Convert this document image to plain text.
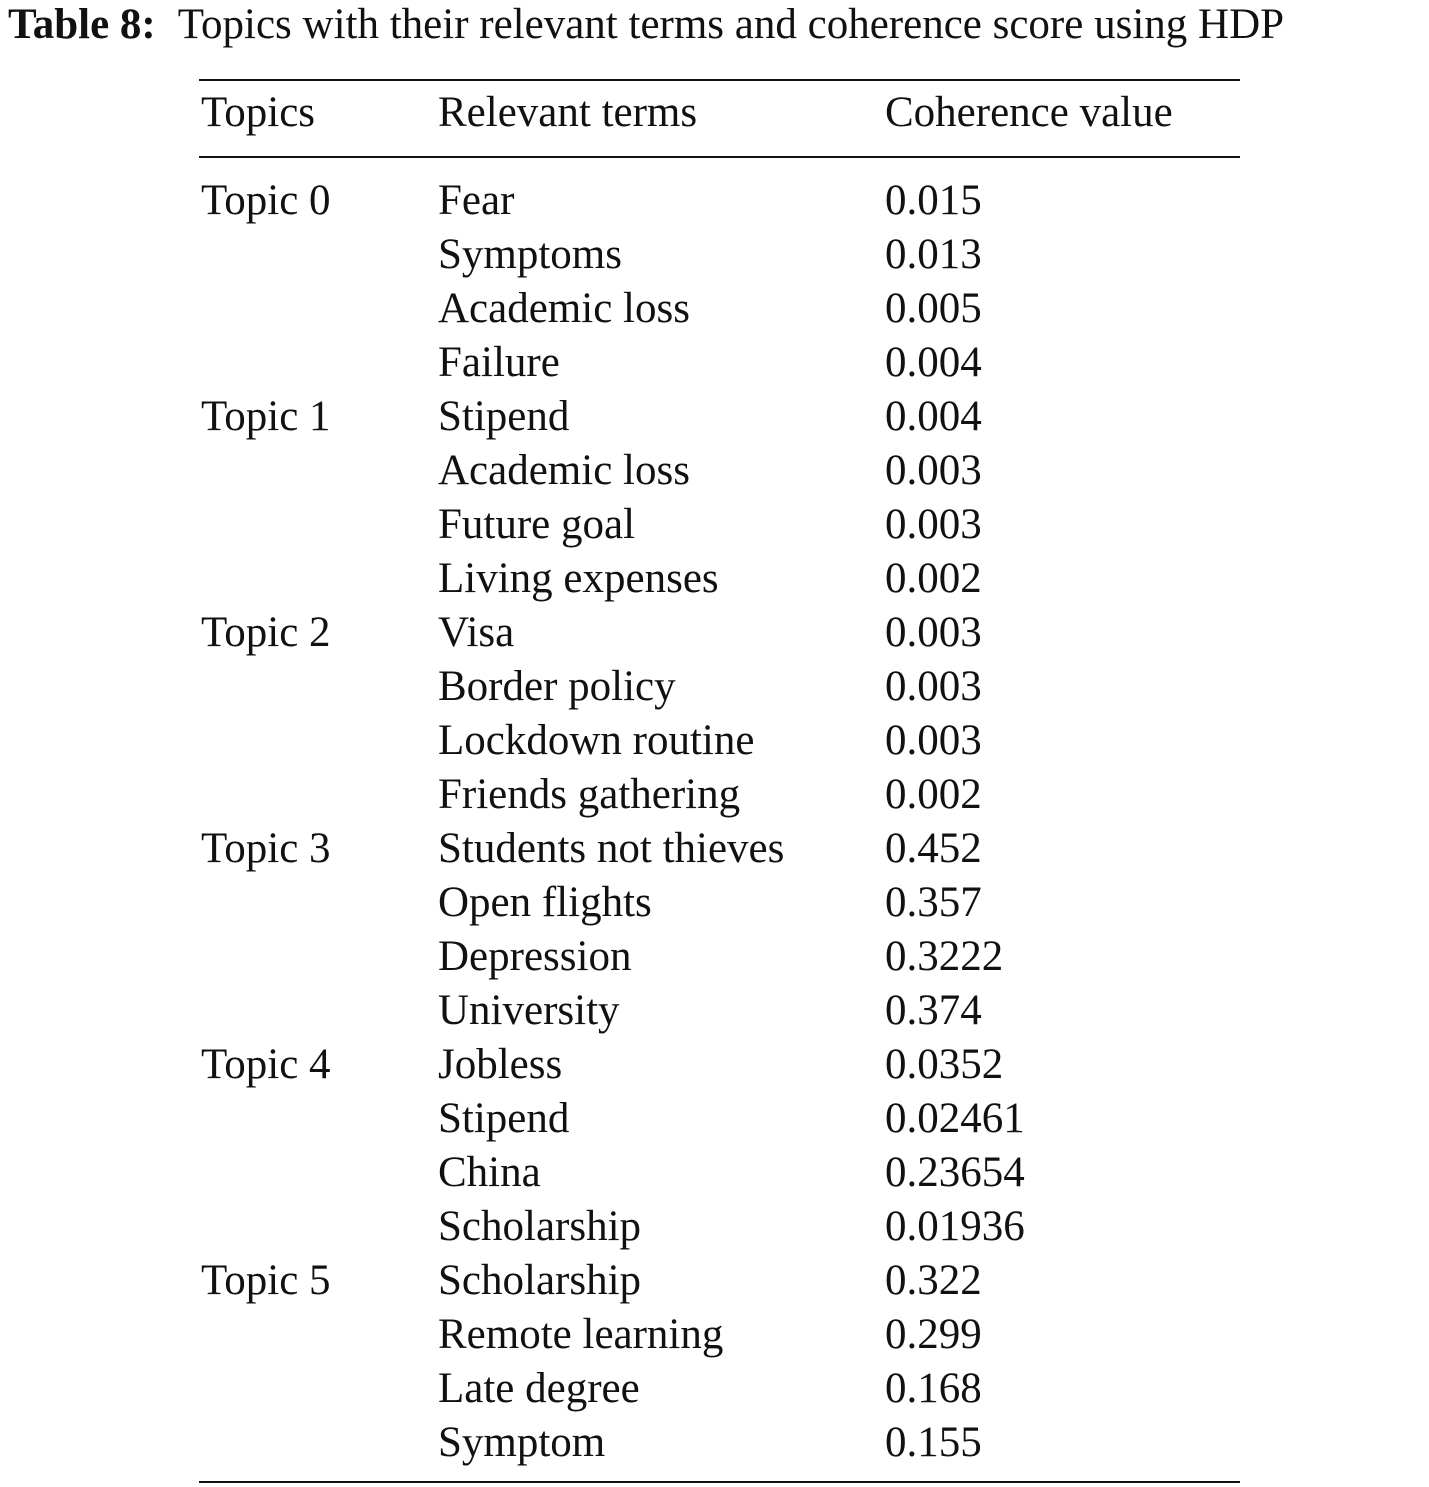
Table 8: Topics with their relevant terms and coherence score using HDP
Topics	Relevant terms	Coherence value
Topic 0 Fear	0.015
Symptoms	0.013
Academic loss	0.005
Failure	0.004
Topic 1 Stipend	0.004
Academic loss	0.003
Future goal	0.003
Living expenses	0.002
Topic 2 Visa	0.003
Border policy	0.003
Lockdown routine	0.003
Friends gathering	0.002
Topic 3 Students not thieves 0.452
Open flights	0.357
Depression	0.3222
University	0.374
Topic 4 Jobless	0.0352
Stipend	0.02461
China	0.23654
Scholarship	0.01936
Topic 5 Scholarship	0.322
Remote learning	0.299
Late degree	0.168
Symptom	0.155
